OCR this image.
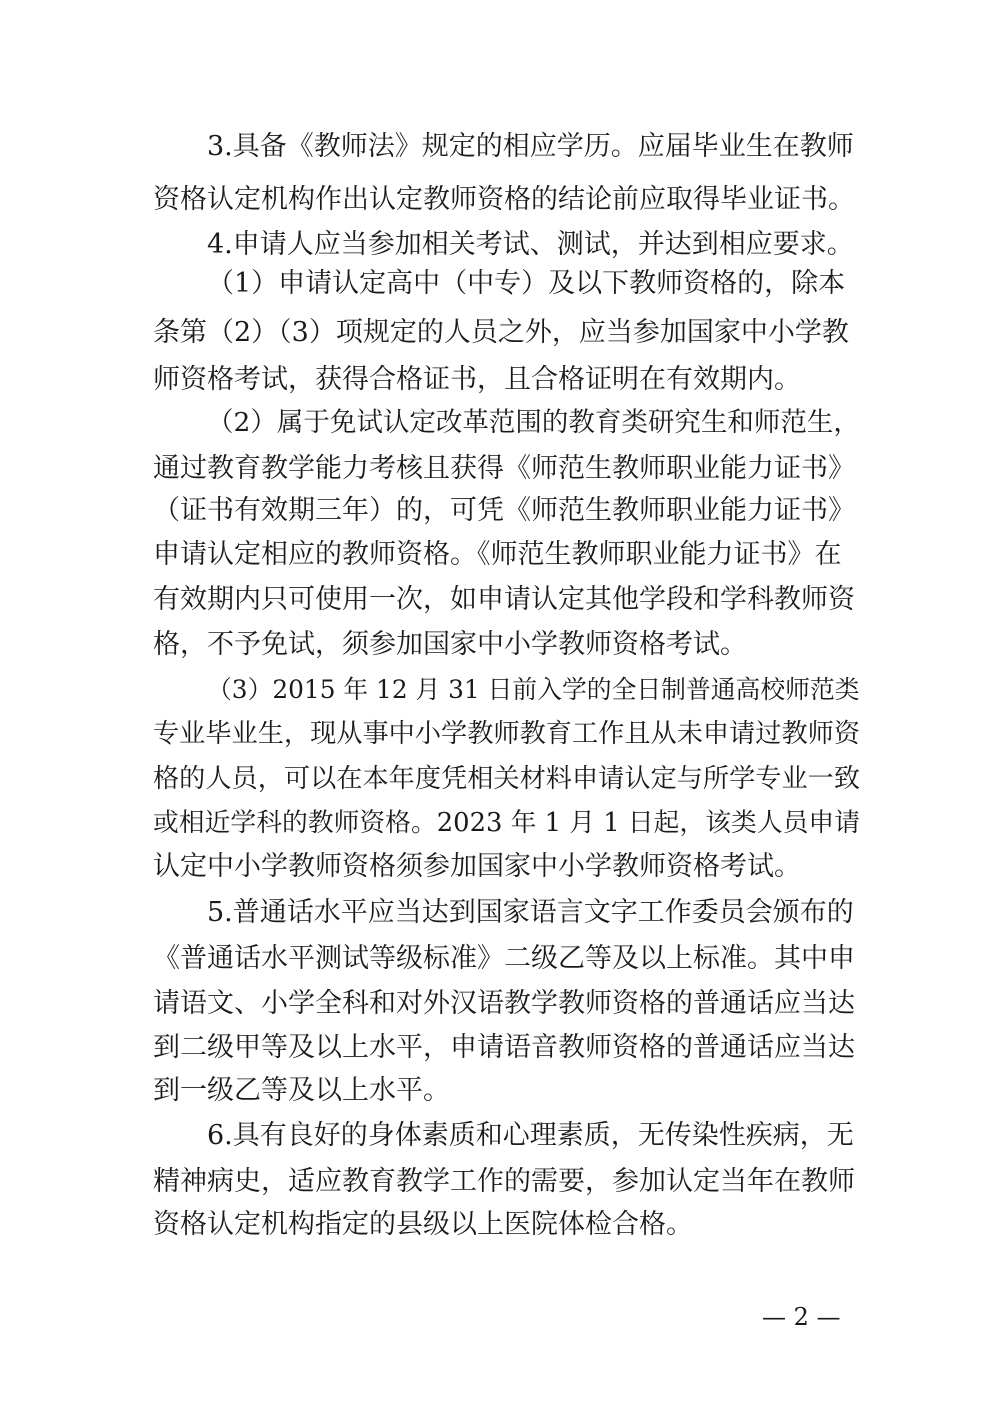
3.具备《教师法》规定的相应学历。应届毕业生在教师
资格认定机构作出认定教师资格的结论前应取得毕业证书。
4.申请人应当参加相关考试、测试，并达到相应要求。
（1）申请认定高中（中专）及以下教师资格的，除本
条第（2）（3）项规定的人员之外，应当参加国家中小学教
师资格考试，获得合格证书，且合格证明在有效期内。
（2）属于免试认定改革范围的教育类研究生和师范生，
通过教育教学能力考核且获得《师范生教师职业能力证书》
（证书有效期三年）的，可凭《师范生教师职业能力证书》
申请认定相应的教师资格。《师范生教师职业能力证书》在
有效期内只可使用一次，如申请认定其他学段和学科教师资
格，不予免试，须参加国家中小学教师资格考试。
（3）2015 年 12 月 31 日前入学的全日制普通高校师范类
专业毕业生，现从事中小学教师教育工作且从未申请过教师资
格的人员，可以在本年度凭相关材料申请认定与所学专业一致
或相近学科的教师资格。2023 年 1 月 1 日起，该类人员申请
认定中小学教师资格须参加国家中小学教师资格考试。
5.普通话水平应当达到国家语言文字工作委员会颁布的
《普通话水平测试等级标准》二级乙等及以上标准。其中申
请语文、小学全科和对外汉语教学教师资格的普通话应当达
到二级甲等及以上水平，申请语音教师资格的普通话应当达
到一级乙等及以上水平。
6.具有良好的身体素质和心理素质，无传染性疾病，无
精神病史，适应教育教学工作的需要，参加认定当年在教师
资格认定机构指定的县级以上医院体检合格。
— 2 —
